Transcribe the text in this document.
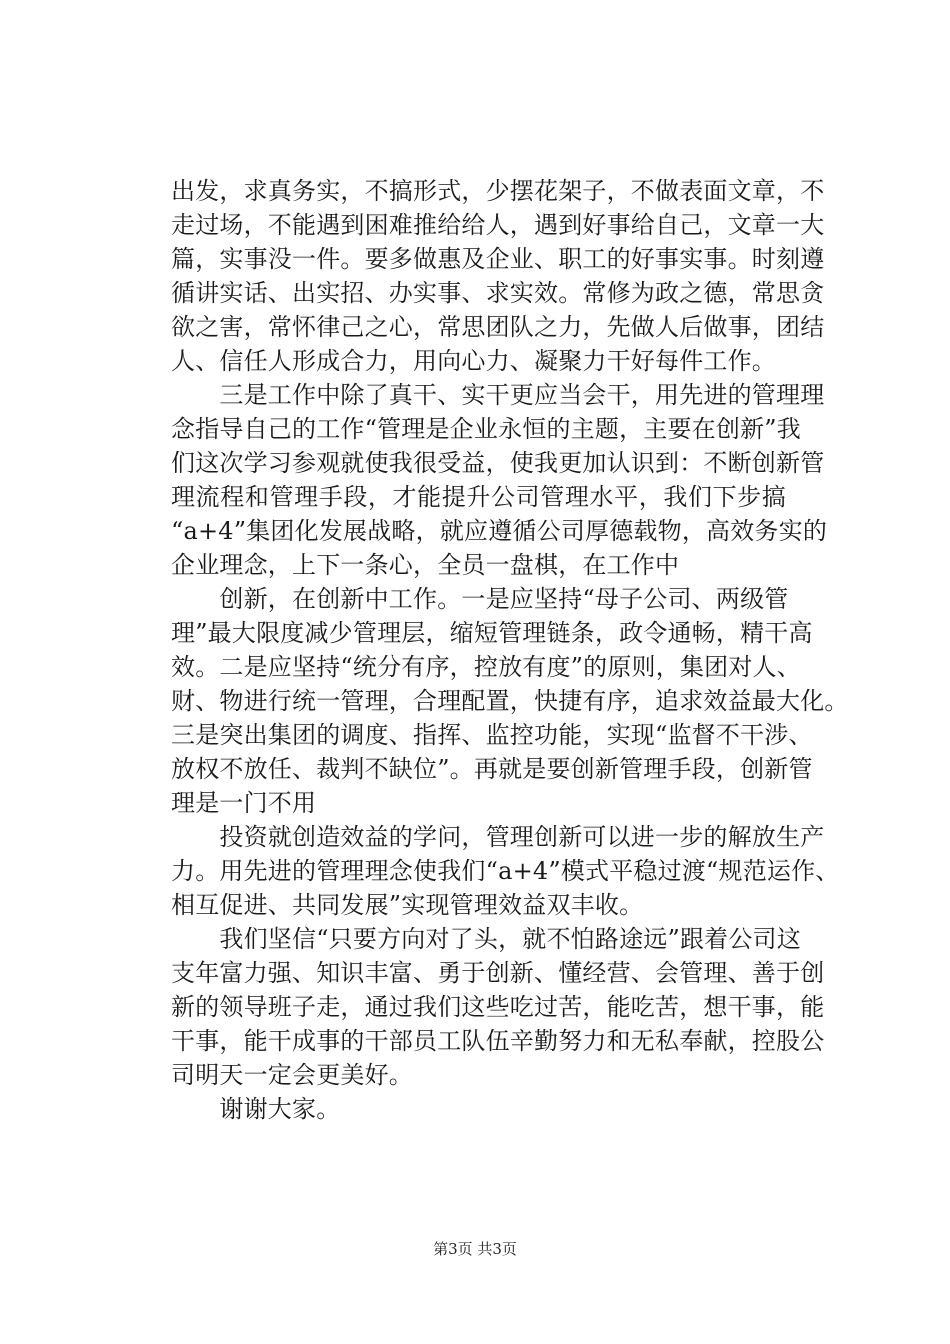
出发，求真务实，不搞形式，少摆花架子，不做表面文章，不
走过场，不能遇到困难推给给人，遇到好事给自己，文章一大
篇，实事没一件。要多做惠及企业、职工的好事实事。时刻遵
循讲实话、出实招、办实事、求实效。常修为政之德，常思贪
欲之害，常怀律己之心，常思团队之力，先做人后做事，团结
人、信任人形成合力，用向心力、凝聚力干好每件工作。
　　三是工作中除了真干、实干更应当会干，用先进的管理理
念指导自己的工作“管理是企业永恒的主题，主要在创新”我
们这次学习参观就使我很受益，使我更加认识到：不断创新管
理流程和管理手段，才能提升公司管理水平，我们下步搞
“a+4”集团化发展战略，就应遵循公司厚德载物，高效务实的
企业理念，上下一条心，全员一盘棋，在工作中
　　创新，在创新中工作。一是应坚持“母子公司、两级管
理”最大限度减少管理层，缩短管理链条，政令通畅，精干高
效。二是应坚持“统分有序，控放有度”的原则，集团对人、
财、物进行统一管理，合理配置，快捷有序，追求效益最大化。
三是突出集团的调度、指挥、监控功能，实现“监督不干涉、
放权不放任、裁判不缺位”。再就是要创新管理手段，创新管
理是一门不用
　　投资就创造效益的学问，管理创新可以进一步的解放生产
力。用先进的管理理念使我们“a+4”模式平稳过渡“规范运作、
相互促进、共同发展”实现管理效益双丰收。
　　我们坚信“只要方向对了头，就不怕路途远”跟着公司这
支年富力强、知识丰富、勇于创新、懂经营、会管理、善于创
新的领导班子走，通过我们这些吃过苦，能吃苦，想干事，能
干事，能干成事的干部员工队伍辛勤努力和无私奉献，控股公
司明天一定会更美好。
　　谢谢大家。
第3页 共3页
